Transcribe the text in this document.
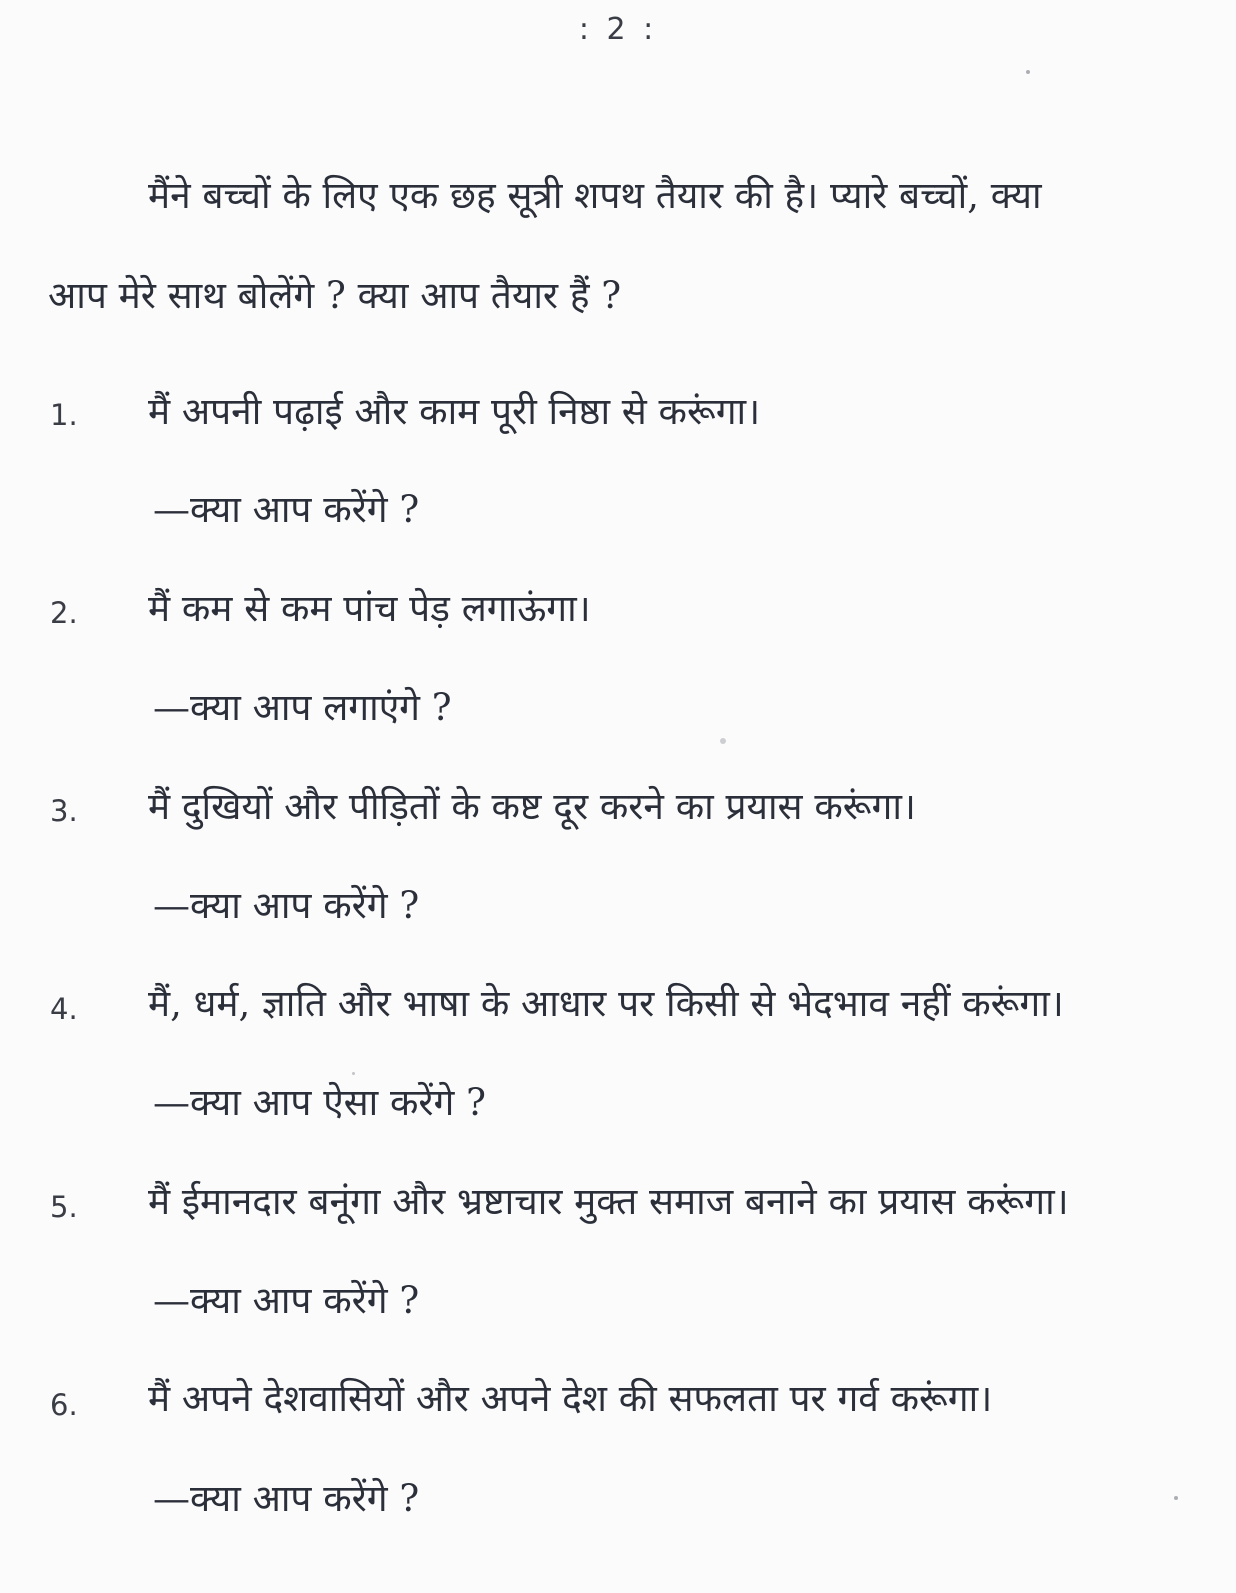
: 2 :
मैंने बच्चों के लिए एक छह सूत्री शपथ तैयार की है। प्यारे बच्चों, क्या
आप मेरे साथ बोलेंगे ? क्या आप तैयार हैं ?
1. मैं अपनी पढ़ाई और काम पूरी निष्ठा से करूंगा।
—क्या आप करेंगे ?
2. मैं कम से कम पांच पेड़ लगाऊंगा।
—क्या आप लगाएंगे ?
3. मैं दुखियों और पीड़ितों के कष्ट दूर करने का प्रयास करूंगा।
—क्या आप करेंगे ?
4. मैं, धर्म, ज्ञाति और भाषा के आधार पर किसी से भेदभाव नहीं करूंगा।
—क्या आप ऐसा करेंगे ?
5. मैं ईमानदार बनूंगा और भ्रष्टाचार मुक्त समाज बनाने का प्रयास करूंगा।
—क्या आप करेंगे ?
6. मैं अपने देशवासियों और अपने देश की सफलता पर गर्व करूंगा।
—क्या आप करेंगे ?
